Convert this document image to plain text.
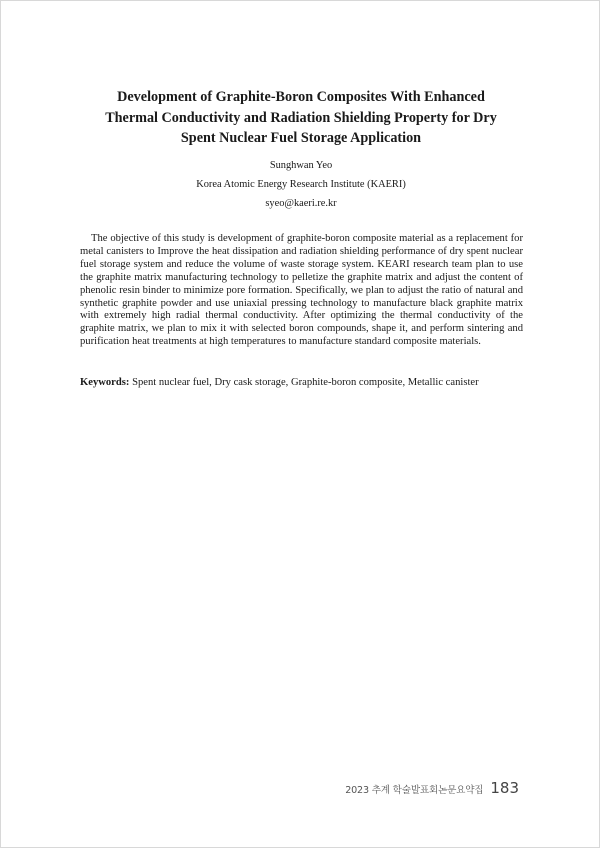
Development of Graphite-Boron Composites With Enhanced Thermal Conductivity and Radiation Shielding Property for Dry Spent Nuclear Fuel Storage Application

Sunghwan Yeo

Korea Atomic Energy Research Institute (KAERI)

syeo@kaeri.re.kr

The objective of this study is development of graphite-boron composite material as a replacement for metal canisters to Improve the heat dissipation and radiation shielding performance of dry spent nuclear fuel storage system and reduce the volume of waste storage system. KEARI research team plan to use the graphite matrix manufacturing technology to pelletize the graphite matrix and adjust the content of phenolic resin binder to minimize pore formation. Specifically, we plan to adjust the ratio of natural and synthetic graphite powder and use uniaxial pressing technology to manufacture black graphite matrix with extremely high radial thermal conductivity. After optimizing the thermal conductivity of the graphite matrix, we plan to mix it with selected boron compounds, shape it, and perform sintering and purification heat treatments at high temperatures to manufacture standard composite materials.

Keywords: Spent nuclear fuel, Dry cask storage, Graphite-boron composite, Metallic canister

2023 추계 학술발표회논문요약집 183
